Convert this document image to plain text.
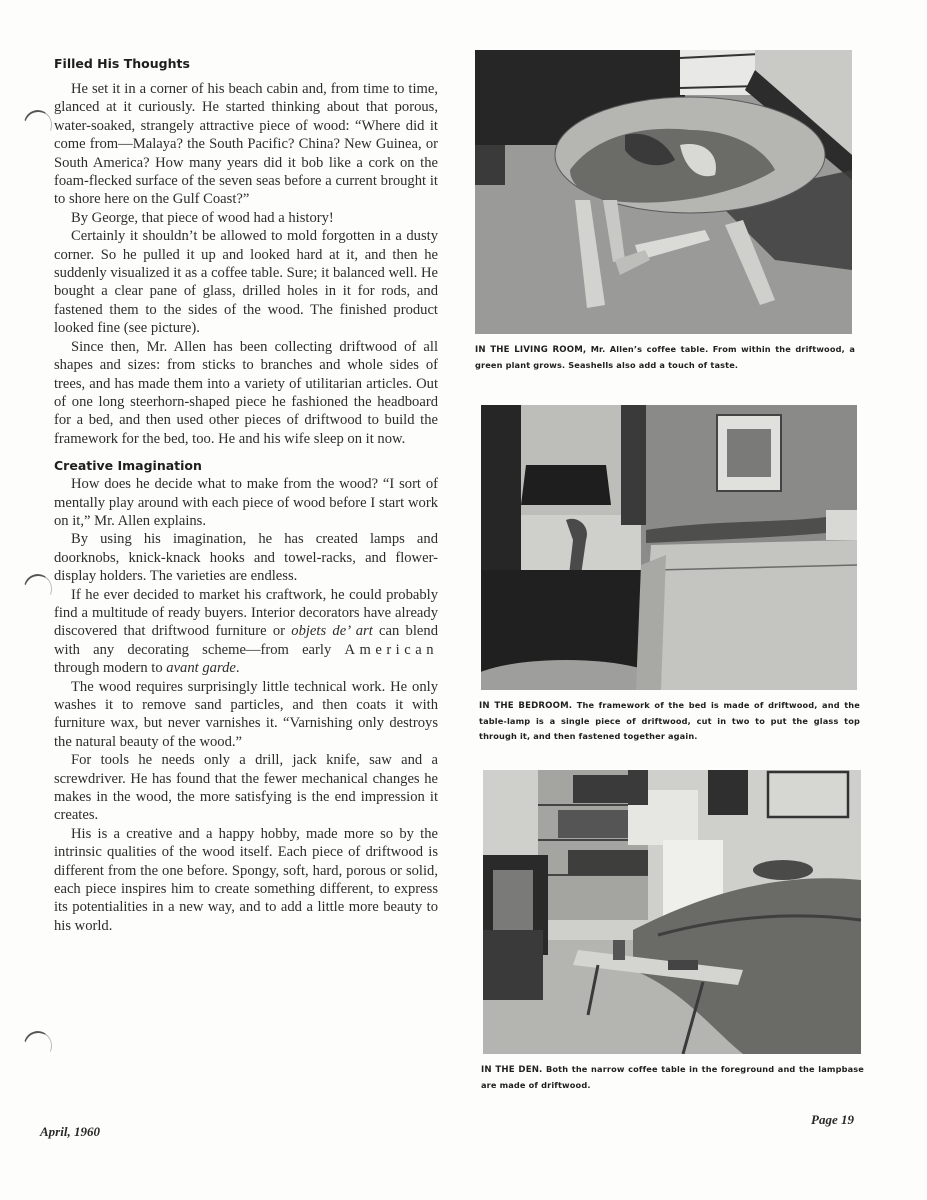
Filled His Thoughts

He set it in a corner of his beach cabin and, from time to time, glanced at it curiously. He started thinking about that porous, water-soaked, strangely attractive piece of wood: “Where did it come from—Malaya? the South Pacific? China? New Guinea, or South America? How many years did it bob like a cork on the foam-flecked surface of the seven seas before a current brought it to shore here on the Gulf Coast?”

By George, that piece of wood had a history!

Certainly it shouldn’t be allowed to mold forgotten in a dusty corner. So he pulled it up and looked hard at it, and then he suddenly visualized it as a coffee table. Sure; it balanced well. He bought a clear pane of glass, drilled holes in it for rods, and fastened them to the sides of the wood. The finished product looked fine (see picture).

Since then, Mr. Allen has been collecting driftwood of all shapes and sizes: from sticks to branches and whole sides of trees, and has made them into a variety of utilitarian articles. Out of one long steerhorn-shaped piece he fashioned the headboard for a bed, and then used other pieces of driftwood to build the framework for the bed, too. He and his wife sleep on it now.

Creative Imagination

How does he decide what to make from the wood? “I sort of mentally play around with each piece of wood before I start work on it,” Mr. Allen explains.

By using his imagination, he has created lamps and doorknobs, knick-knack hooks and towel-racks, and flower-display holders. The varieties are endless.

If he ever decided to market his craftwork, he could probably find a multitude of ready buyers. Interior decorators have already discovered that driftwood furniture or objets de’ art can blend with any decorating scheme—from early American through modern to avant garde.

The wood requires surprisingly little technical work. He only washes it to remove sand particles, and then coats it with furniture wax, but never varnishes it. “Varnishing only destroys the natural beauty of the wood.”

For tools he needs only a drill, jack knife, saw and a screwdriver. He has found that the fewer mechanical changes he makes in the wood, the more satisfying is the end impression it creates.

His is a creative and a happy hobby, made more so by the intrinsic qualities of the wood itself. Each piece of driftwood is different from the one before. Spongy, soft, hard, porous or solid, each piece inspires him to create something different, to express its potentialities in a new way, and to add a little more beauty to his world.

IN THE LIVING ROOM, Mr. Allen’s coffee table. From within the driftwood, a green plant grows. Seashells also add a touch of taste.
IN THE BEDROOM. The framework of the bed is made of driftwood, and the table-lamp is a single piece of driftwood, cut in two to put the glass top through it, and then fastened together again.
IN THE DEN. Both the narrow coffee table in the foreground and the lampbase are made of driftwood.
April, 1960
Page 19
